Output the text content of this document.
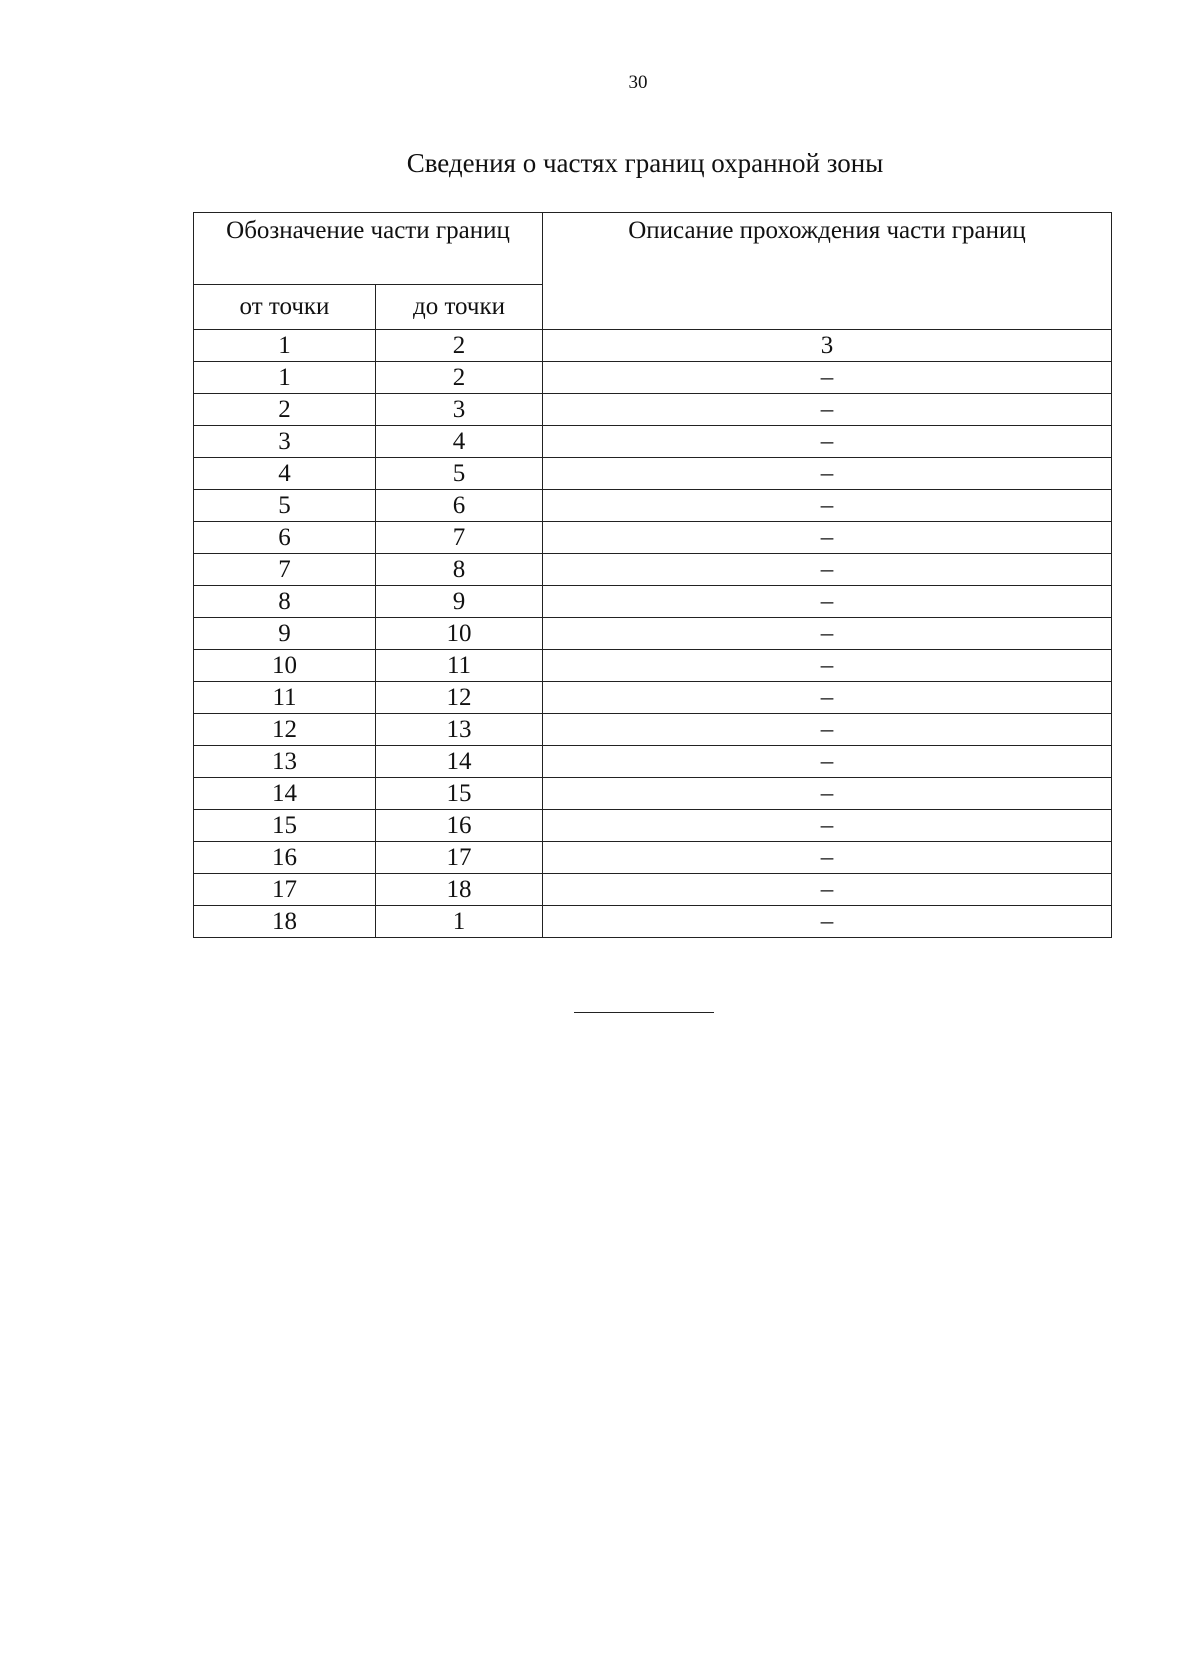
30
Сведения о частях границ охранной зоны
Обозначение части границ		Описание прохождения части границ
от точки	до точки	
1	2	3
1	2	–
2	3	–
3	4	–
4	5	–
5	6	–
6	7	–
7	8	–
8	9	–
9	10	–
10	11	–
11	12	–
12	13	–
13	14	–
14	15	–
15	16	–
16	17	–
17	18	–
18	1	–
